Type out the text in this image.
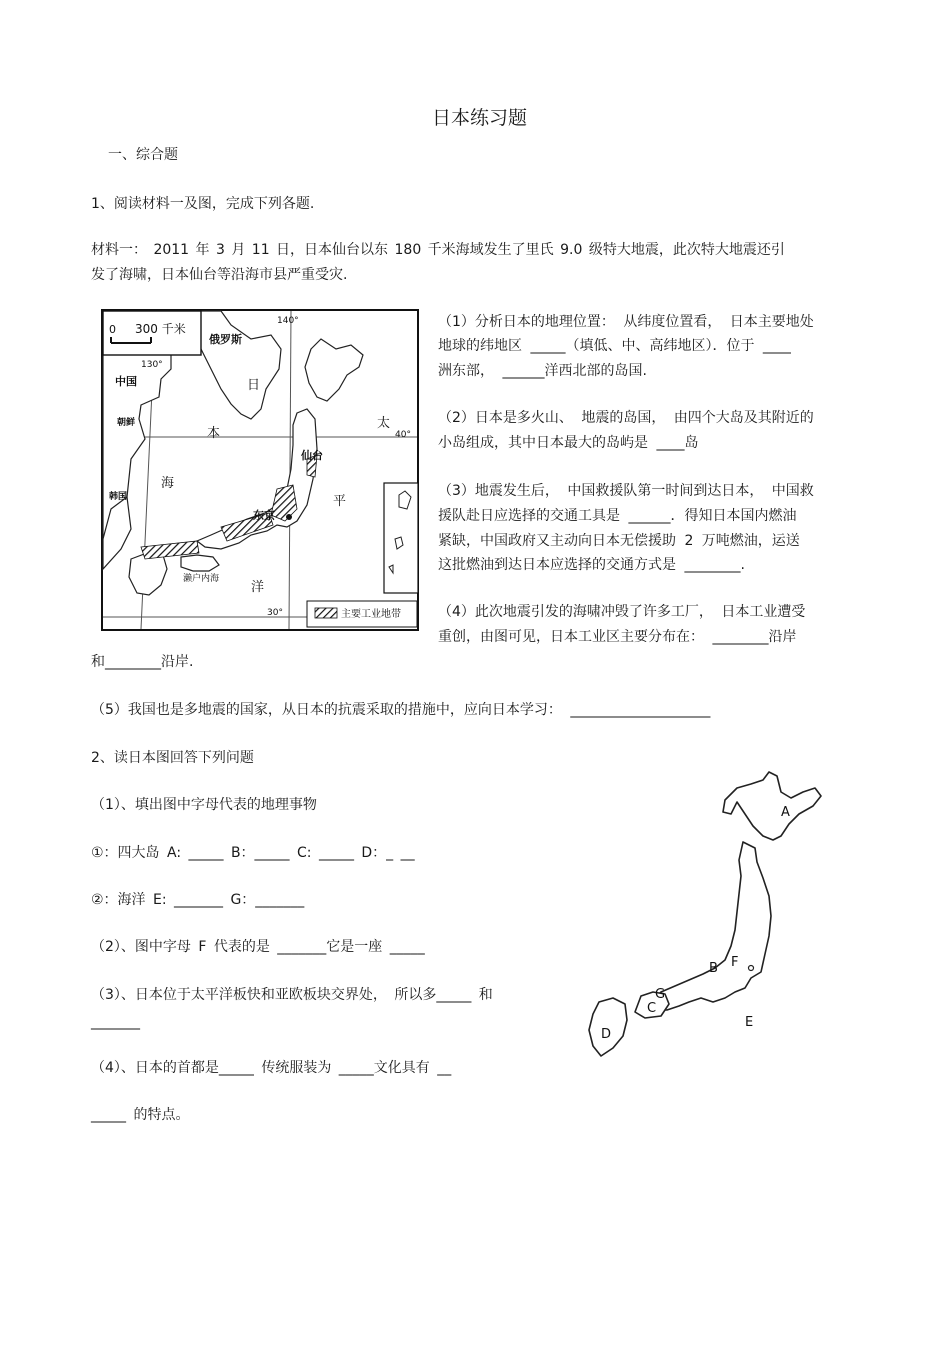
日本练习题
一、综合题
1、阅读材料一及图，完成下列各题.
材料一： 2011 年 3 月 11 日，日本仙台以东 180 千米海域发生了里氏 9.0 级特大地震，此次特大地震还引
发了海啸，日本仙台等沿海市县严重受灾.
0 300 千米
140°
130°
40°
30°
俄罗斯
中国
朝鲜
韩国
日
本
海
太
平
洋
仙台
东京
濑户内海
主要工业地带
（1）分析日本的地理位置： 从纬度位置看， 日本主要地处
地球的纬地区 _____（填低、中、高纬地区）．位于 ____
洲东部， ______洋西北部的岛国.
（2）日本是多火山、 地震的岛国， 由四个大岛及其附近的
小岛组成，其中日本最大的岛屿是 ____岛
（3）地震发生后， 中国救援队第一时间到达日本， 中国救
援队赴日应选择的交通工具是 ______．得知日本国内燃油
紧缺，中国政府又主动向日本无偿援助 2 万吨燃油，运送
这批燃油到达日本应选择的交通方式是 ________.
（4）此次地震引发的海啸冲毁了许多工厂， 日本工业遭受
重创，由图可见，日本工业区主要分布在： ________沿岸
和________沿岸.
（5）我国也是多地震的国家，从日本的抗震采取的措施中，应向日本学习： ____________________
2、读日本图回答下列问题
（1）、填出图中字母代表的地理事物
①：四大岛 A: _____ B：_____ C: _____ D：_ __
②：海洋 E: _______ G：_______
（2）、图中字母 F 代表的是 _______它是一座 _____
（3）、日本位于太平洋板快和亚欧板块交界处， 所以多_____ 和
_______
（4）、日本的首都是_____ 传统服装为 _____文化具有 __
_____ 的特点。
A
B
C
D
E
F
G
